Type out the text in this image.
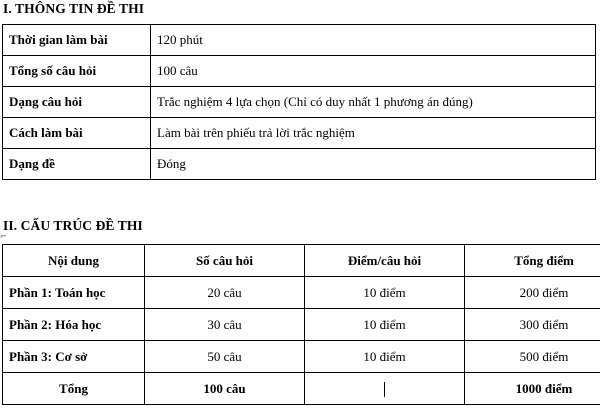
I. THÔNG TIN ĐỀ THI
Thời gian làm bài	120 phút
Tổng số câu hỏi	100 câu
Dạng câu hỏi	Trắc nghiệm 4 lựa chọn (Chỉ có duy nhất 1 phương án đúng)
Cách làm bài	Làm bài trên phiếu trả lời trắc nghiệm
Dạng đề	Đóng
II. CẤU TRÚC ĐỀ THI
⌐
Nội dung	Số câu hỏi	Điểm/câu hỏi	Tổng điểm
Phần 1: Toán học	20 câu	10 điểm	200 điểm
Phần 2: Hóa học	30 câu	10 điểm	300 điểm
Phần 3: Cơ sở	50 câu	10 điểm	500 điểm
Tổng	100 câu		1000 điểm
